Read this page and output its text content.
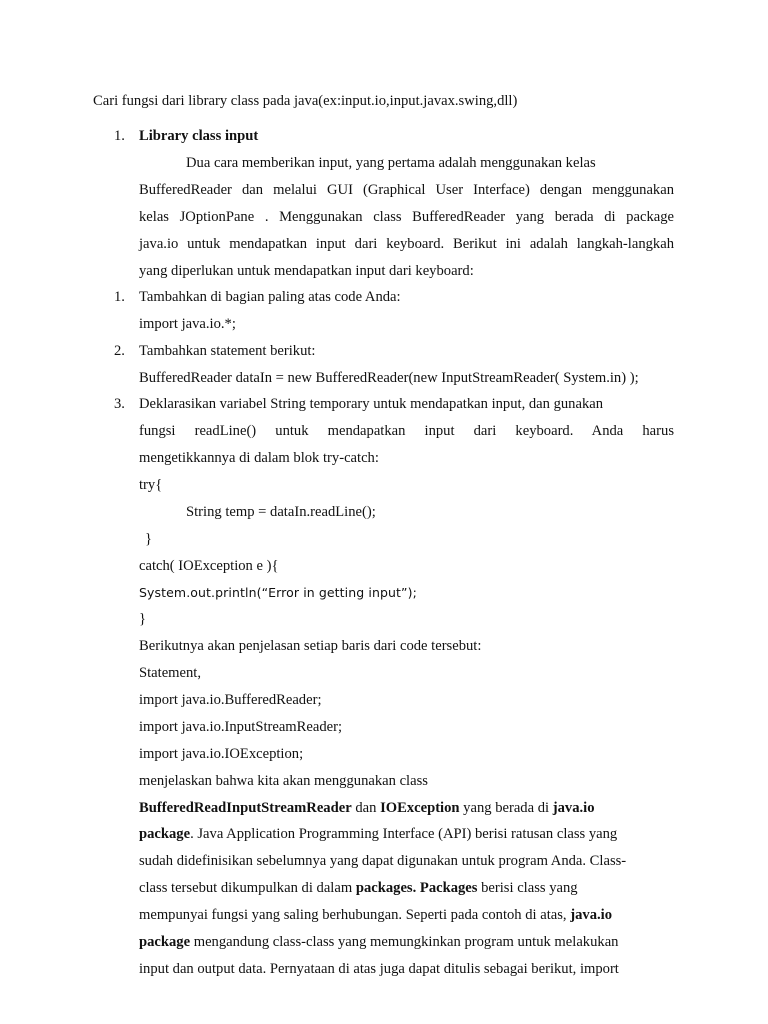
Cari fungsi dari library class pada java(ex:input.io,input.javax.swing,dll)
1. Library class input
Dua cara memberikan input, yang pertama adalah menggunakan kelas
BufferedReader dan melalui GUI (Graphical User Interface) dengan menggunakan
kelas JOptionPane . Menggunakan class BufferedReader yang berada di package
java.io untuk mendapatkan input dari keyboard. Berikut ini adalah langkah-langkah
yang diperlukan untuk mendapatkan input dari keyboard:
1. Tambahkan di bagian paling atas code Anda:
import java.io.*;
2. Tambahkan statement berikut:
BufferedReader dataIn = new BufferedReader(new InputStreamReader( System.in) );
3. Deklarasikan variabel String temporary untuk mendapatkan input, dan gunakan
fungsi readLine() untuk mendapatkan input dari keyboard. Anda harus
mengetikkannya di dalam blok try-catch:
try{
String temp = dataIn.readLine();
}
catch( IOException e ){
System.out.println(“Error in getting input”);
}
Berikutnya akan penjelasan setiap baris dari code tersebut:
Statement,
import java.io.BufferedReader;
import java.io.InputStreamReader;
import java.io.IOException;
menjelaskan bahwa kita akan menggunakan class
BufferedReadInputStreamReader dan IOException yang berada di java.io
package. Java Application Programming Interface (API) berisi ratusan class yang
sudah didefinisikan sebelumnya yang dapat digunakan untuk program Anda. Class-
class tersebut dikumpulkan di dalam packages. Packages berisi class yang
mempunyai fungsi yang saling berhubungan. Seperti pada contoh di atas, java.io
package mengandung class-class yang memungkinkan program untuk melakukan
input dan output data. Pernyataan di atas juga dapat ditulis sebagai berikut, import
